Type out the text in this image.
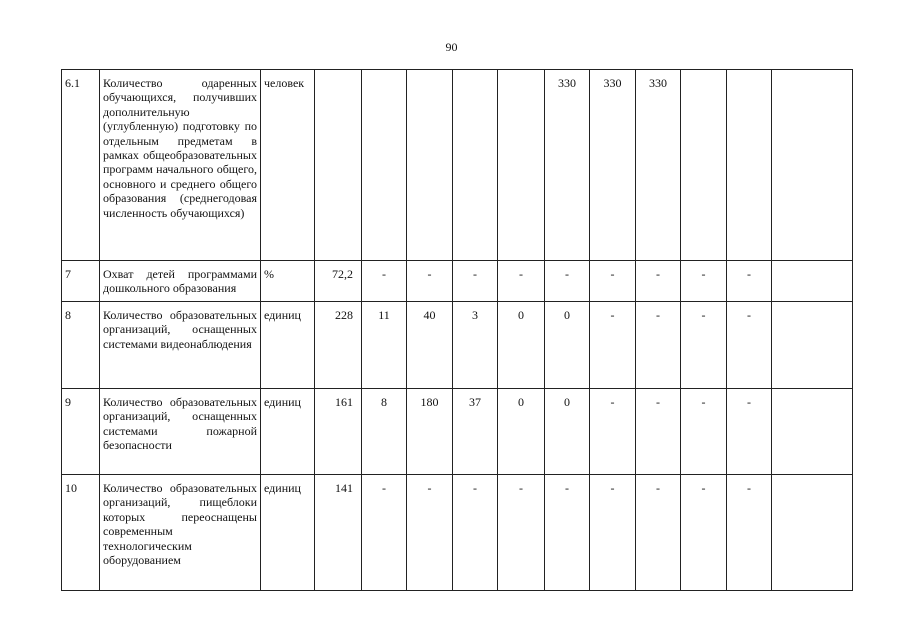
90
6.1	Количество одаренных обучающихся, получивших дополнительную (углубленную) подготовку по отдельным предметам в рамках общеобразовательных программ начального общего, основного и среднего общего образования (среднегодовая численность обучающихся)	человек						330	330	330			
7	Охват детей программами дошкольного образования	%	72,2	-	-	-	-	-	-	-	-	-	
8	Количество образовательных организаций, оснащенных системами видеонаблюдения	единиц	228	11	40	3	0	0	-	-	-	-	
9	Количество образовательных организаций, оснащенных системами пожарной безопасности	единиц	161	8	180	37	0	0	-	-	-	-	
10	Количество образовательных организаций, пищеблоки которых переоснащены современным технологическим оборудованием	единиц	141	-	-	-	-	-	-	-	-	-	
